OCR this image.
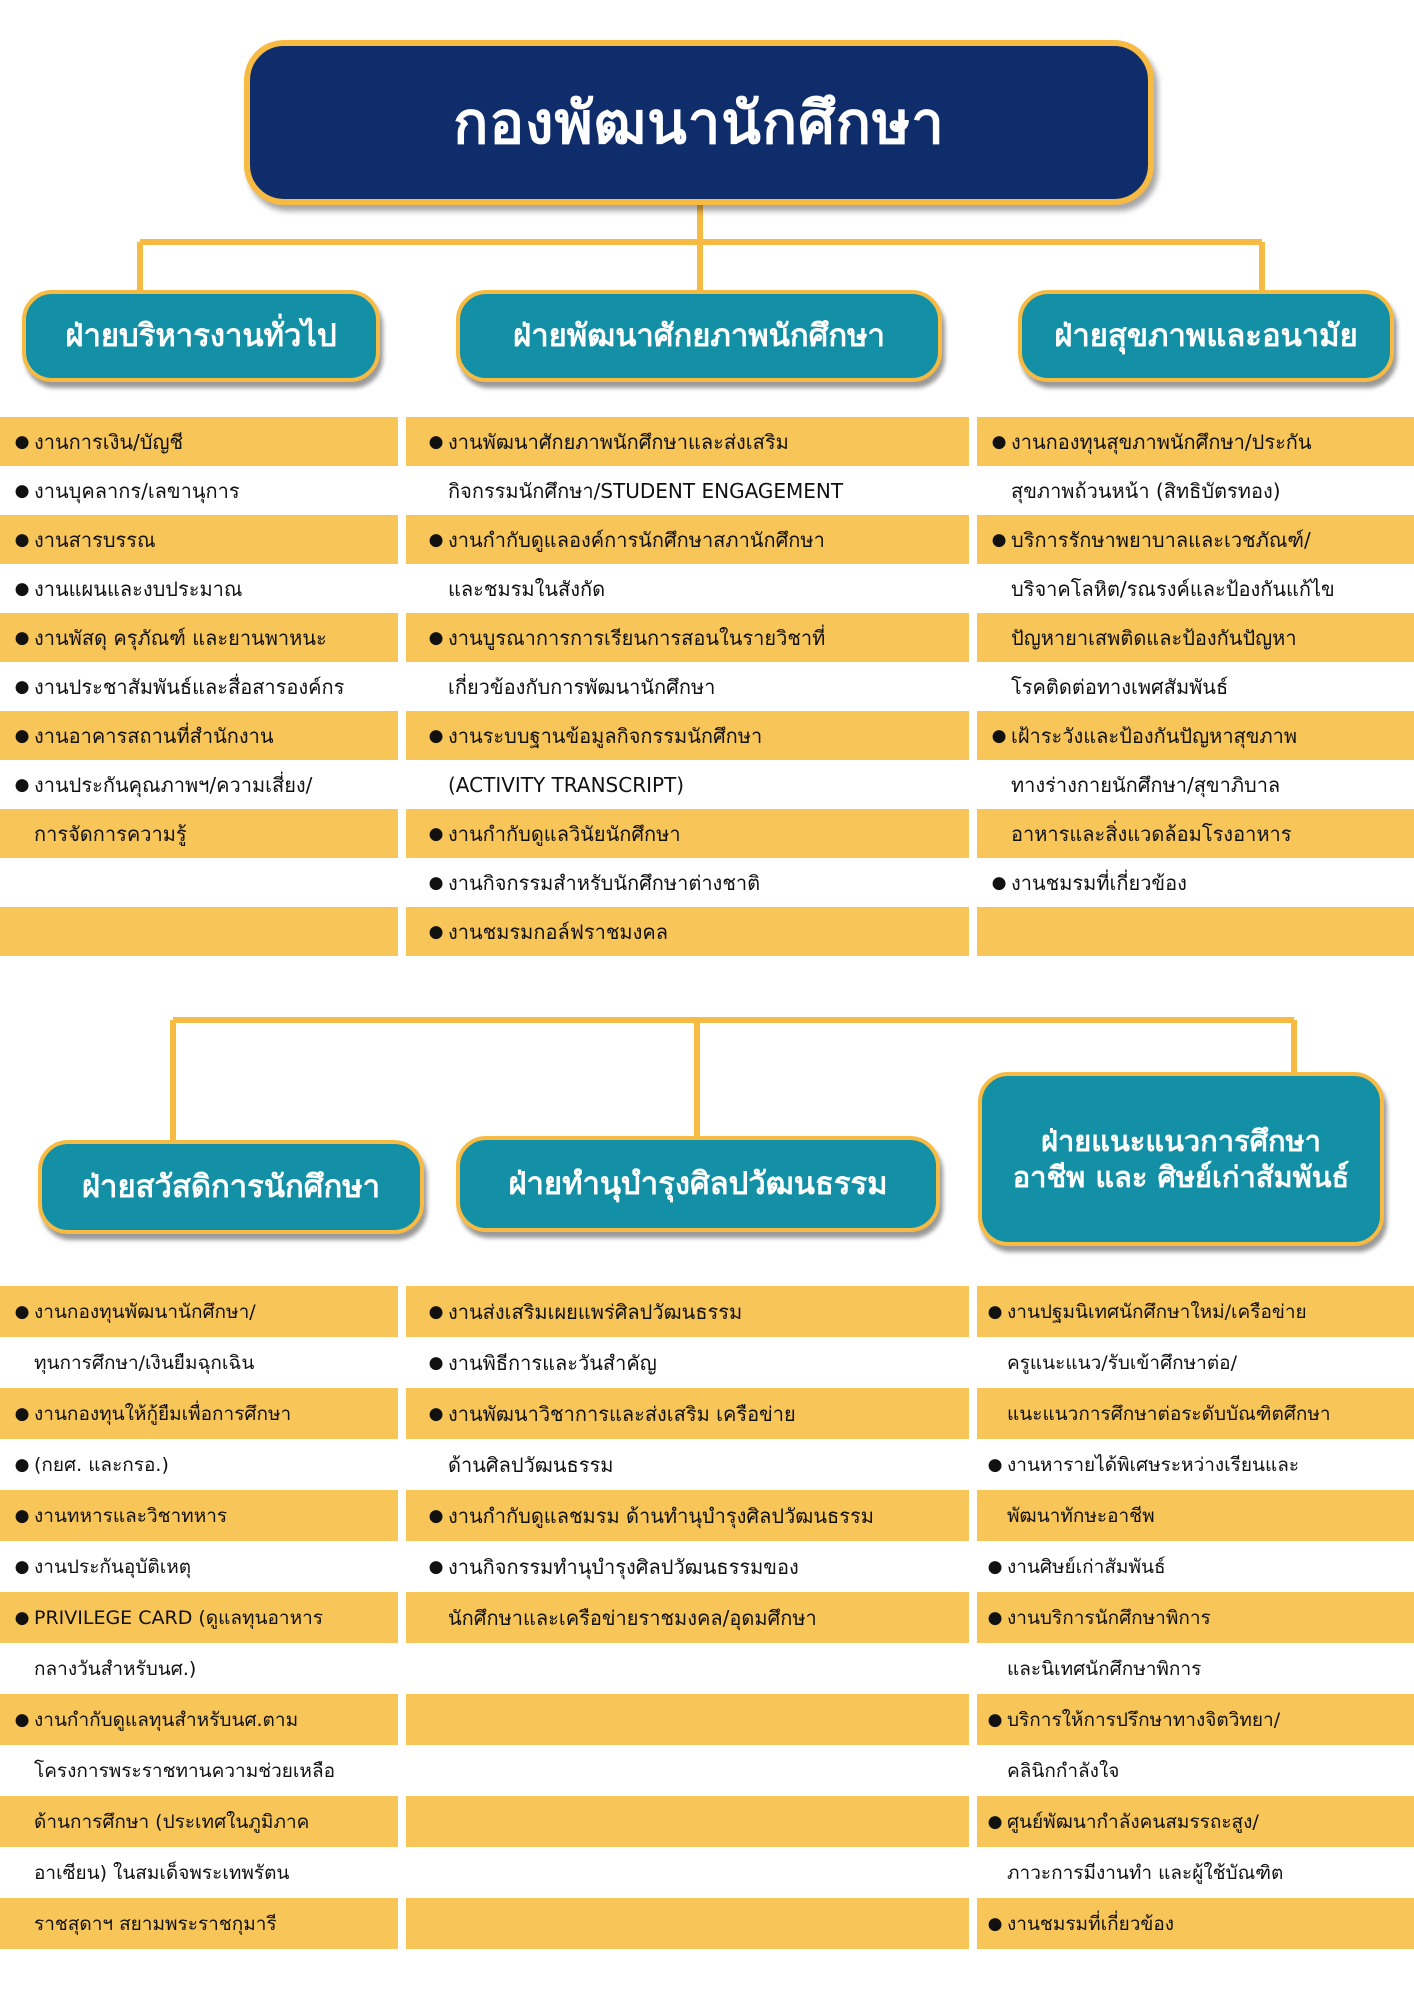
กองพัฒนานักศึกษา
ฝ่ายบริหารงานทั่วไป	ฝ่ายพัฒนาศักยภาพนักศึกษา	ฝ่ายสุขภาพและอนามัย
ฝ่ายสวัสดิการนักศึกษา	ฝ่ายทำนุบำรุงศิลปวัฒนธรรม
ฝ่ายแนะแนวการศึกษา
อาชีพ และ ศิษย์เก่าสัมพันธ์
● งานการเงิน/บัญชี
● งานบุคลากร/เลขานุการ
● งานสารบรรณ
● งานแผนและงบประมาณ
● งานพัสดุ ครุภัณฑ์ และยานพาหนะ
● งานประชาสัมพันธ์และสื่อสารองค์กร
● งานอาคารสถานที่สำนักงาน
● งานประกันคุณภาพฯ/ความเสี่ยง/
การจัดการความรู้
● งานพัฒนาศักยภาพนักศึกษาและส่งเสริม
กิจกรรมนักศึกษา/STUDENT ENGAGEMENT
● งานกำกับดูแลองค์การนักศึกษาสภานักศึกษา
และชมรมในสังกัด
● งานบูรณาการการเรียนการสอนในรายวิชาที่
เกี่ยวข้องกับการพัฒนานักศึกษา
● งานระบบฐานข้อมูลกิจกรรมนักศึกษา
(ACTIVITY TRANSCRIPT)
● งานกำกับดูแลวินัยนักศึกษา
● งานกิจกรรมสำหรับนักศึกษาต่างชาติ
● งานชมรมกอล์ฟราชมงคล
● งานกองทุนสุขภาพนักศึกษา/ประกัน
สุขภาพถ้วนหน้า (สิทธิบัตรทอง)
● บริการรักษาพยาบาลและเวชภัณฑ์/
บริจาคโลหิต/รณรงค์และป้องกันแก้ไข
ปัญหายาเสพติดและป้องกันปัญหา
โรคติดต่อทางเพศสัมพันธ์
● เฝ้าระวังและป้องกันปัญหาสุขภาพ
ทางร่างกายนักศึกษา/สุขาภิบาล
อาหารและสิ่งแวดล้อมโรงอาหาร
● งานชมรมที่เกี่ยวข้อง
● งานกองทุนพัฒนานักศึกษา/
ทุนการศึกษา/เงินยืมฉุกเฉิน
● งานกองทุนให้กู้ยืมเพื่อการศึกษา
● (กยศ. และกรอ.)
● งานทหารและวิชาทหาร
● งานประกันอุบัติเหตุ
● PRIVILEGE CARD (ดูแลทุนอาหาร
กลางวันสำหรับนศ.)
● งานกำกับดูแลทุนสำหรับนศ.ตาม
โครงการพระราชทานความช่วยเหลือ
ด้านการศึกษา (ประเทศในภูมิภาค
อาเซียน) ในสมเด็จพระเทพรัตน
ราชสุดาฯ สยามพระราชกุมารี
● งานส่งเสริมเผยแพร่ศิลปวัฒนธรรม
● งานพิธีการและวันสำคัญ
● งานพัฒนาวิชาการและส่งเสริม เครือข่าย
ด้านศิลปวัฒนธรรม
● งานกำกับดูแลชมรม ด้านทำนุบำรุงศิลปวัฒนธรรม
● งานกิจกรรมทำนุบำรุงศิลปวัฒนธรรมของ
นักศึกษาและเครือข่ายราชมงคล/อุดมศึกษา
● งานปฐมนิเทศนักศึกษาใหม่/เครือข่าย
ครูแนะแนว/รับเข้าศึกษาต่อ/
แนะแนวการศึกษาต่อระดับบัณฑิตศึกษา
● งานหารายได้พิเศษระหว่างเรียนและ
พัฒนาทักษะอาชีพ
● งานศิษย์เก่าสัมพันธ์
● งานบริการนักศึกษาพิการ
และนิเทศนักศึกษาพิการ
● บริการให้การปรึกษาทางจิตวิทยา/
คลินิกกำลังใจ
● ศูนย์พัฒนากำลังคนสมรรถะสูง/
ภาวะการมีงานทำ และผู้ใช้บัณฑิต
● งานชมรมที่เกี่ยวข้อง
